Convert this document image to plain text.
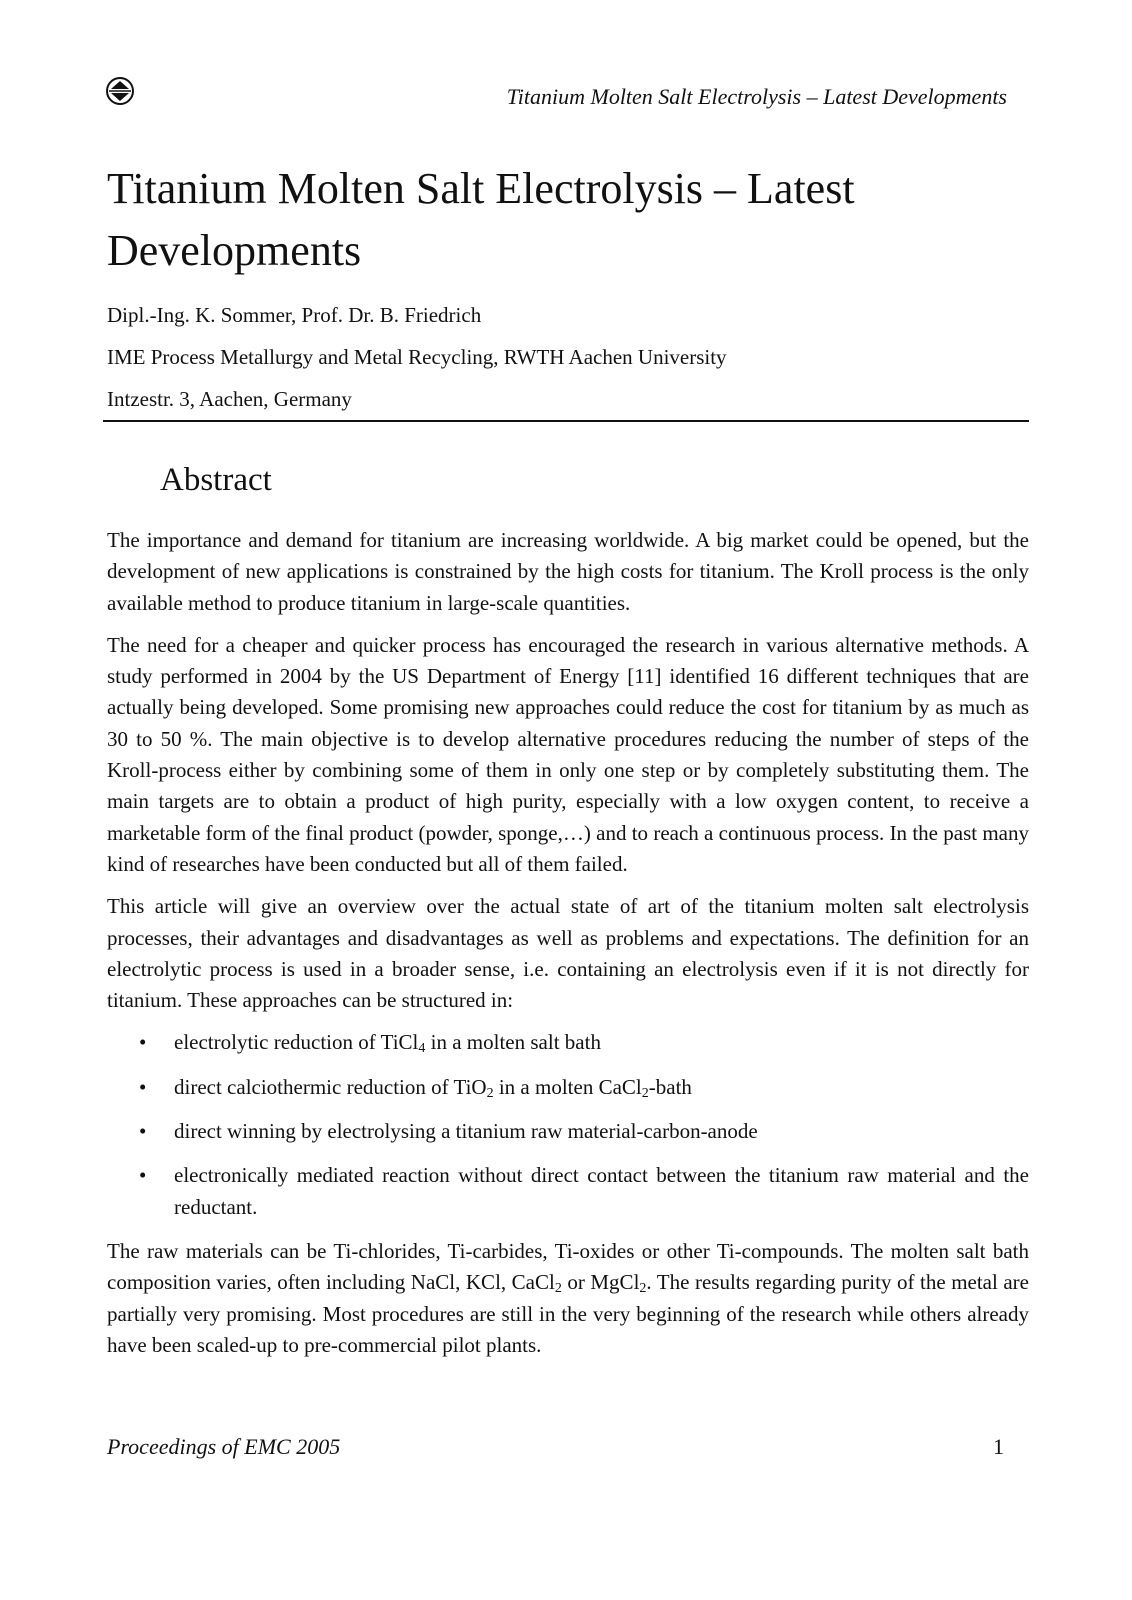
Titanium Molten Salt Electrolysis – Latest Developments
Titanium Molten Salt Electrolysis – Latest Developments
Dipl.-Ing. K. Sommer, Prof. Dr. B. Friedrich
IME Process Metallurgy and Metal Recycling, RWTH Aachen University
Intzestr. 3, Aachen, Germany
Abstract

The importance and demand for titanium are increasing worldwide. A big market could be opened, but the development of new applications is constrained by the high costs for titanium. The Kroll process is the only available method to produce titanium in large-scale quantities.

The need for a cheaper and quicker process has encouraged the research in various alternative methods. A study performed in 2004 by the US Department of Energy [11] identified 16 different techniques that are actually being developed. Some promising new approaches could reduce the cost for titanium by as much as 30 to 50 %. The main objective is to develop alternative procedures reducing the number of steps of the Kroll-process either by combining some of them in only one step or by completely substituting them. The main targets are to obtain a product of high purity, especially with a low oxygen content, to receive a marketable form of the final product (powder, sponge,…) and to reach a continuous process. In the past many kind of researches have been conducted but all of them failed.

This article will give an overview over the actual state of art of the titanium molten salt electrolysis processes, their advantages and disadvantages as well as problems and expectations. The definition for an electrolytic process is used in a broader sense, i.e. containing an electrolysis even if it is not directly for titanium. These approaches can be structured in:

• electrolytic reduction of TiCl$_4$ in a molten salt bath
• direct calciothermic reduction of TiO$_2$ in a molten CaCl$_2$-bath
• direct winning by electrolysing a titanium raw material-carbon-anode
• electronically mediated reaction without direct contact between the titanium raw material and the reductant.

The raw materials can be Ti-chlorides, Ti-carbides, Ti-oxides or other Ti-compounds. The molten salt bath composition varies, often including NaCl, KCl, CaCl$_2$ or MgCl$_2$. The results regarding purity of the metal are partially very promising. Most procedures are still in the very beginning of the research while others already have been scaled-up to pre-commercial pilot plants.

Proceedings of EMC 2005	1
